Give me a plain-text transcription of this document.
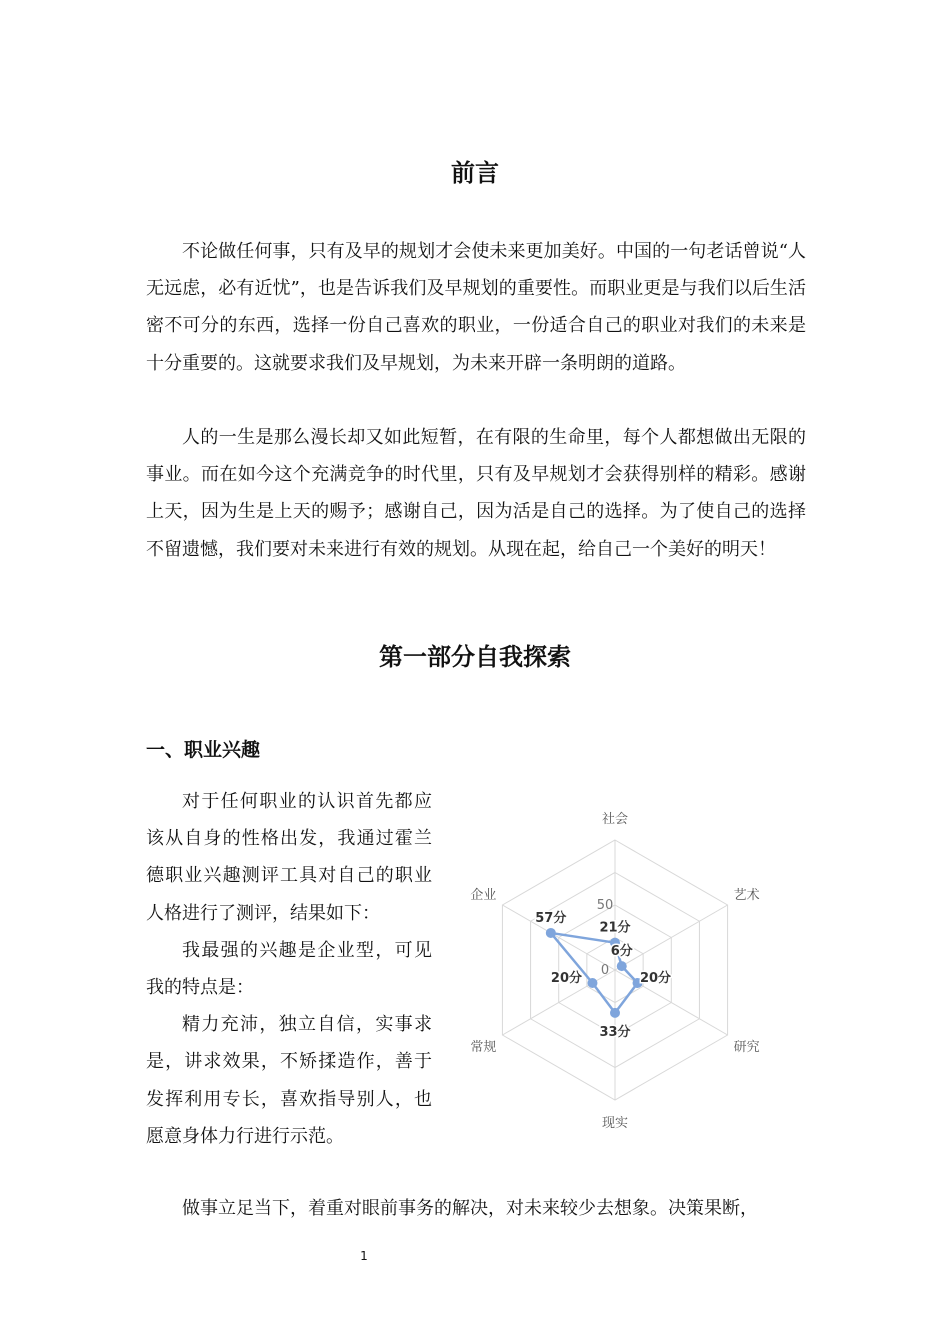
前言

不论做任何事，只有及早的规划才会使未来更加美好。中国的一句老话曾说“人无远虑，必有近忧”，也是告诉我们及早规划的重要性。而职业更是与我们以后生活密不可分的东西，选择一份自己喜欢的职业，一份适合自己的职业对我们的未来是十分重要的。这就要求我们及早规划，为未来开辟一条明朗的道路。

人的一生是那么漫长却又如此短暂，在有限的生命里，每个人都想做出无限的事业。而在如今这个充满竞争的时代里，只有及早规划才会获得别样的精彩。感谢上天，因为生是上天的赐予；感谢自己，因为活是自己的选择。为了使自己的选择不留遗憾，我们要对未来进行有效的规划。从现在起，给自己一个美好的明天！

第一部分自我探索
一、职业兴趣

对于任何职业的认识首先都应该从自身的性格出发，我通过霍兰德职业兴趣测评工具对自己的职业人格进行了测评，结果如下：

我最强的兴趣是企业型，可见我的特点是：

精力充沛，独立自信，实事求是，讲求效果，不矫揉造作，善于发挥利用专长，喜欢指导别人，也愿意身体力行进行示范。

做事立足当下，着重对眼前事务的解决，对未来较少去想象。决策果断，

社会
艺术
研究
现实
常规
企业
50
0
21分
6分
20分
33分
20分
57分
1
